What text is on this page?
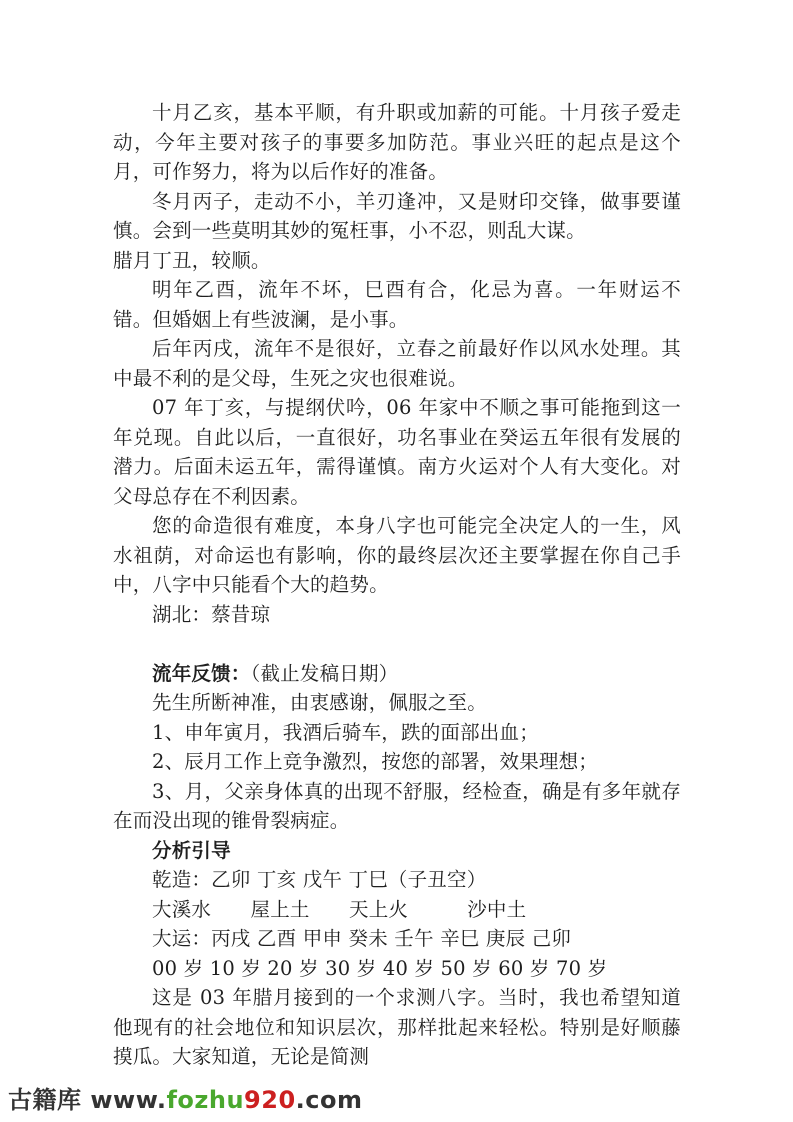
十月乙亥，基本平顺，有升职或加薪的可能。十月孩子爱走动，今年主要对孩子的事要多加防范。事业兴旺的起点是这个月，可作努力，将为以后作好的准备。

冬月丙子，走动不小，羊刃逢冲，又是财印交锋，做事要谨慎。会到一些莫明其妙的冤枉事，小不忍，则乱大谋。

腊月丁丑，较顺。

明年乙酉，流年不坏，巳酉有合，化忌为喜。一年财运不错。但婚姻上有些波澜，是小事。

后年丙戌，流年不是很好，立春之前最好作以风水处理。其中最不利的是父母，生死之灾也很难说。

07 年丁亥，与提纲伏吟，06 年家中不顺之事可能拖到这一年兑现。自此以后，一直很好，功名事业在癸运五年很有发展的潜力。后面未运五年，需得谨慎。南方火运对个人有大变化。对父母总存在不利因素。

您的命造很有难度，本身八字也可能完全决定人的一生，风水祖荫，对命运也有影响，你的最终层次还主要掌握在你自己手中，八字中只能看个大的趋势。

湖北：蔡昔琼

流年反馈：（截止发稿日期）

先生所断神准，由衷感谢，佩服之至。

1、申年寅月，我酒后骑车，跌的面部出血；

2、辰月工作上竞争激烈，按您的部署，效果理想；

3、月，父亲身体真的出现不舒服，经检查，确是有多年就存在而没出现的锥骨裂病症。

分析引导

乾造：乙卯 丁亥 戊午 丁巳（子丑空）

大溪水　　屋上土　　天上火　　　沙中土

大运：丙戌 乙酉 甲申 癸未 壬午 辛巳 庚辰 己卯

00 岁 10 岁 20 岁 30 岁 40 岁 50 岁 60 岁 70 岁

这是 03 年腊月接到的一个求测八字。当时，我也希望知道他现有的社会地位和知识层次，那样批起来轻松。特别是好顺藤摸瓜。大家知道，无论是简测

古籍库 www.fozhu920.com
